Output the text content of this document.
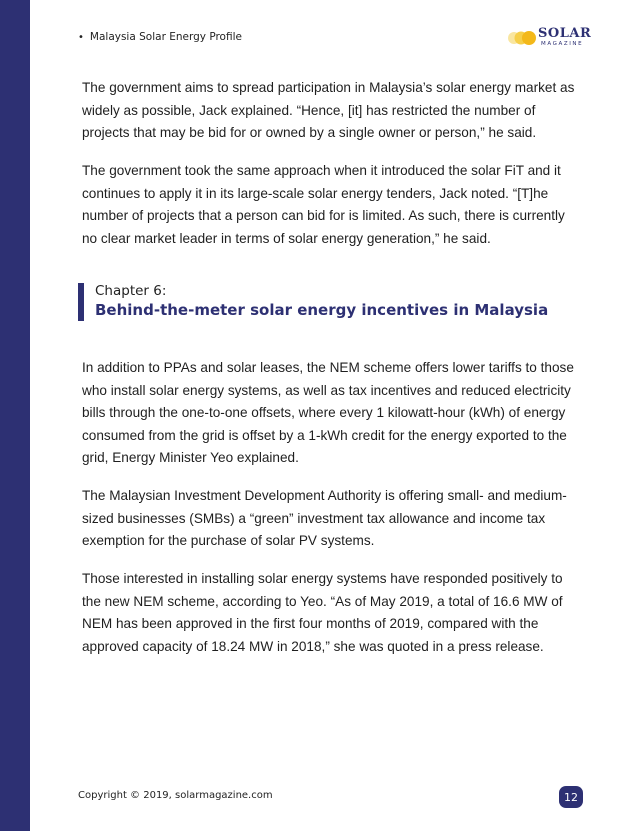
• Malaysia Solar Energy Profile	SOLAR
MAGAZINE

The government aims to spread participation in Malaysia’s solar energy market as widely as possible, Jack explained. “Hence, [it] has restricted the number of projects that may be bid for or owned by a single owner or person,” he said.

The government took the same approach when it introduced the solar FiT and it continues to apply it in its large-scale solar energy tenders, Jack noted. “[T]he number of projects that a person can bid for is limited. As such, there is currently no clear market leader in terms of solar energy generation,” he said.

Chapter 6:
Behind-the-meter solar energy incentives in Malaysia

In addition to PPAs and solar leases, the NEM scheme offers lower tariffs to those who install solar energy systems, as well as tax incentives and reduced electricity bills through the one-to-one offsets, where every 1 kilowatt-hour (kWh) of energy consumed from the grid is offset by a 1-kWh credit for the energy exported to the grid, Energy Minister Yeo explained.

The Malaysian Investment Development Authority is offering small- and medium-sized businesses (SMBs) a “green” investment tax allowance and income tax exemption for the purchase of solar PV systems.

Those interested in installing solar energy systems have responded positively to the new NEM scheme, according to Yeo. “As of May 2019, a total of 16.6 MW of NEM has been approved in the first four months of 2019, compared with the approved capacity of 18.24 MW in 2018,” she was quoted in a press release.

Copyright © 2019, solarmagazine.com	12
